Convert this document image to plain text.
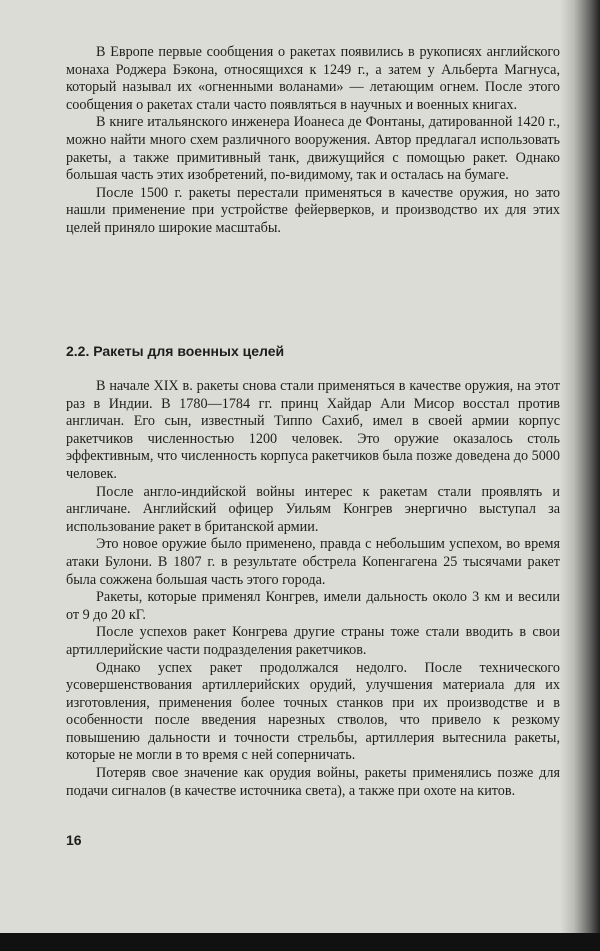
В Европе первые сообщения о ракетах появились в рукописях английского монаха Роджера Бэкона, относящихся к 1249 г., а затем у Альберта Магнуса, который называл их «огненными воланами» — летающим огнем. После этого сообщения о ракетах стали часто появляться в научных и военных книгах.

В книге итальянского инженера Иоанеса де Фонтаны, датированной 1420 г., можно найти много схем различного вооружения. Автор предлагал использовать ракеты, а также примитивный танк, движущийся с помощью ракет. Однако большая часть этих изобретений, по-видимому, так и осталась на бумаге.

После 1500 г. ракеты перестали применяться в качестве оружия, но зато нашли применение при устройстве фейерверков, и производство их для этих целей приняло широкие масштабы.

2.2. Ракеты для военных целей

В начале XIX в. ракеты снова стали применяться в качестве оружия, на этот раз в Индии. В 1780—1784 гг. принц Хайдар Али Мисор восстал против англичан. Его сын, известный Типпо Сахиб, имел в своей армии корпус ракетчиков численностью 1200 человек. Это оружие оказалось столь эффективным, что численность корпуса ракетчиков была позже доведена до 5000 человек.

После англо-индийской войны интерес к ракетам стали проявлять и англичане. Английский офицер Уильям Конгрев энергично выступал за использование ракет в британской армии.

Это новое оружие было применено, правда с небольшим успехом, во время атаки Булони. В 1807 г. в результате обстрела Копенгагена 25 тысячами ракет была сожжена большая часть этого города.

Ракеты, которые применял Конгрев, имели дальность около 3 км и весили от 9 до 20 кГ.

После успехов ракет Конгрева другие страны тоже стали вводить в свои артиллерийские части подразделения ракетчиков.

Однако успех ракет продолжался недолго. После технического усовершенствования артиллерийских орудий, улучшения материала для их изготовления, применения более точных станков при их производстве и в особенности после введения нарезных стволов, что привело к резкому повышению дальности и точности стрельбы, артиллерия вытеснила ракеты, которые не могли в то время с ней соперничать.

Потеряв свое значение как орудия войны, ракеты применялись позже для подачи сигналов (в качестве источника света), а также при охоте на китов.

16
